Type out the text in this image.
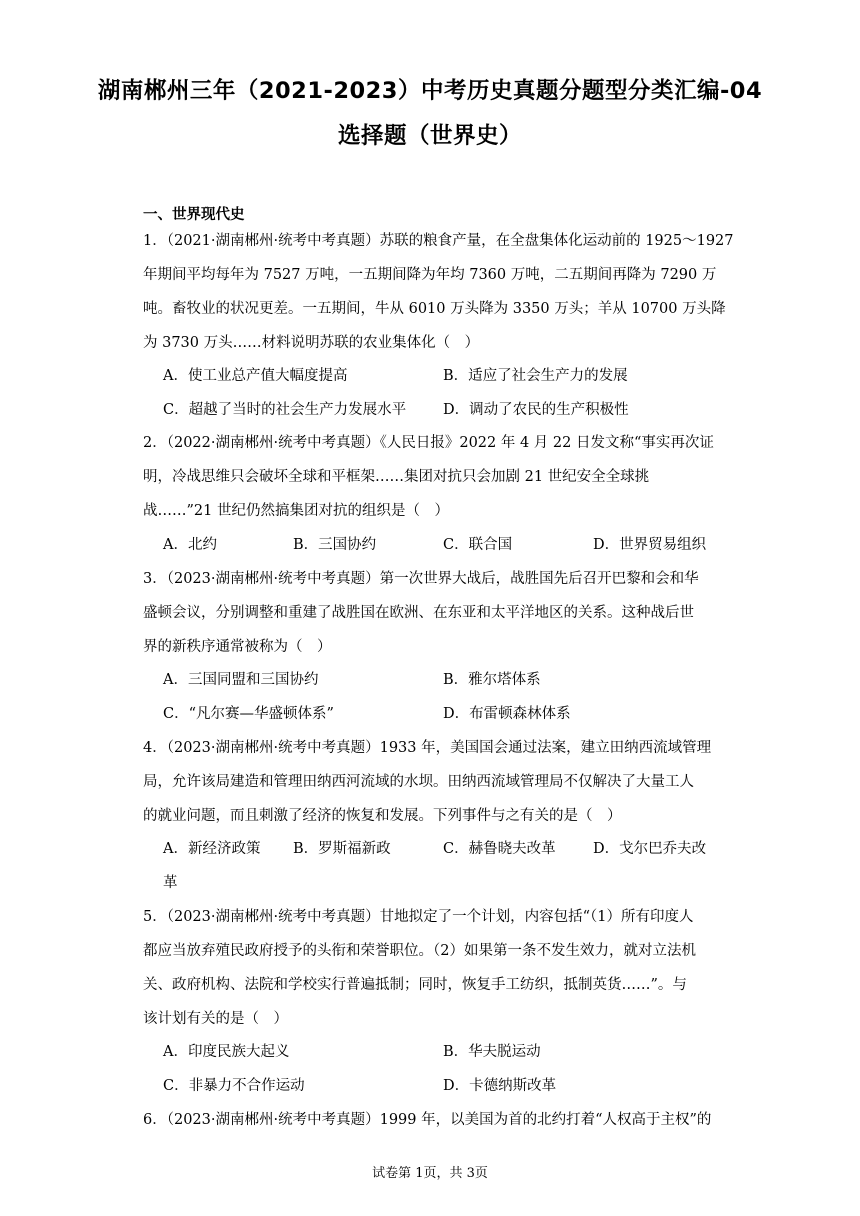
湖南郴州三年（2021-2023）中考历史真题分题型分类汇编-04
选择题（世界史）
一、世界现代史
1．（2021·湖南郴州·统考中考真题）苏联的粮食产量，在全盘集体化运动前的 1925～1927
年期间平均每年为 7527 万吨，一五期间降为年均 7360 万吨，二五期间再降为 7290 万
吨。畜牧业的状况更差。一五期间，牛从 6010 万头降为 3350 万头；羊从 10700 万头降
为 3730 万头……材料说明苏联的农业集体化（　）
A．使工业总产值大幅度提高	B．适应了社会生产力的发展
C．超越了当时的社会生产力发展水平	D．调动了农民的生产积极性
2．（2022·湖南郴州·统考中考真题）《人民日报》2022 年 4 月 22 日发文称“事实再次证
明，冷战思维只会破坏全球和平框架……集团对抗只会加剧 21 世纪安全全球挑
战……”21 世纪仍然搞集团对抗的组织是（　）
A．北约	B．三国协约	C．联合国	D．世界贸易组织
3．（2023·湖南郴州·统考中考真题）第一次世界大战后，战胜国先后召开巴黎和会和华
盛顿会议，分别调整和重建了战胜国在欧洲、在东亚和太平洋地区的关系。这种战后世
界的新秩序通常被称为（　）
A．三国同盟和三国协约	B．雅尔塔体系
C．“凡尔赛—华盛顿体系”	D．布雷顿森林体系
4．（2023·湖南郴州·统考中考真题）1933 年，美国国会通过法案，建立田纳西流域管理
局，允许该局建造和管理田纳西河流域的水坝。田纳西流域管理局不仅解决了大量工人
的就业问题，而且刺激了经济的恢复和发展。下列事件与之有关的是（　）
A．新经济政策 B．罗斯福新政	C．赫鲁晓夫改革	D．戈尔巴乔夫改
革
5．（2023·湖南郴州·统考中考真题）甘地拟定了一个计划，内容包括“（1）所有印度人
都应当放弃殖民政府授予的头衔和荣誉职位。（2）如果第一条不发生效力，就对立法机
关、政府机构、法院和学校实行普遍抵制；同时，恢复手工纺织，抵制英货……”。与
该计划有关的是（　）
A．印度民族大起义	B．华夫脱运动
C．非暴力不合作运动	D．卡德纳斯改革
6．（2023·湖南郴州·统考中考真题）1999 年，以美国为首的北约打着“人权高于主权”的
试卷第 1页，共 3页
